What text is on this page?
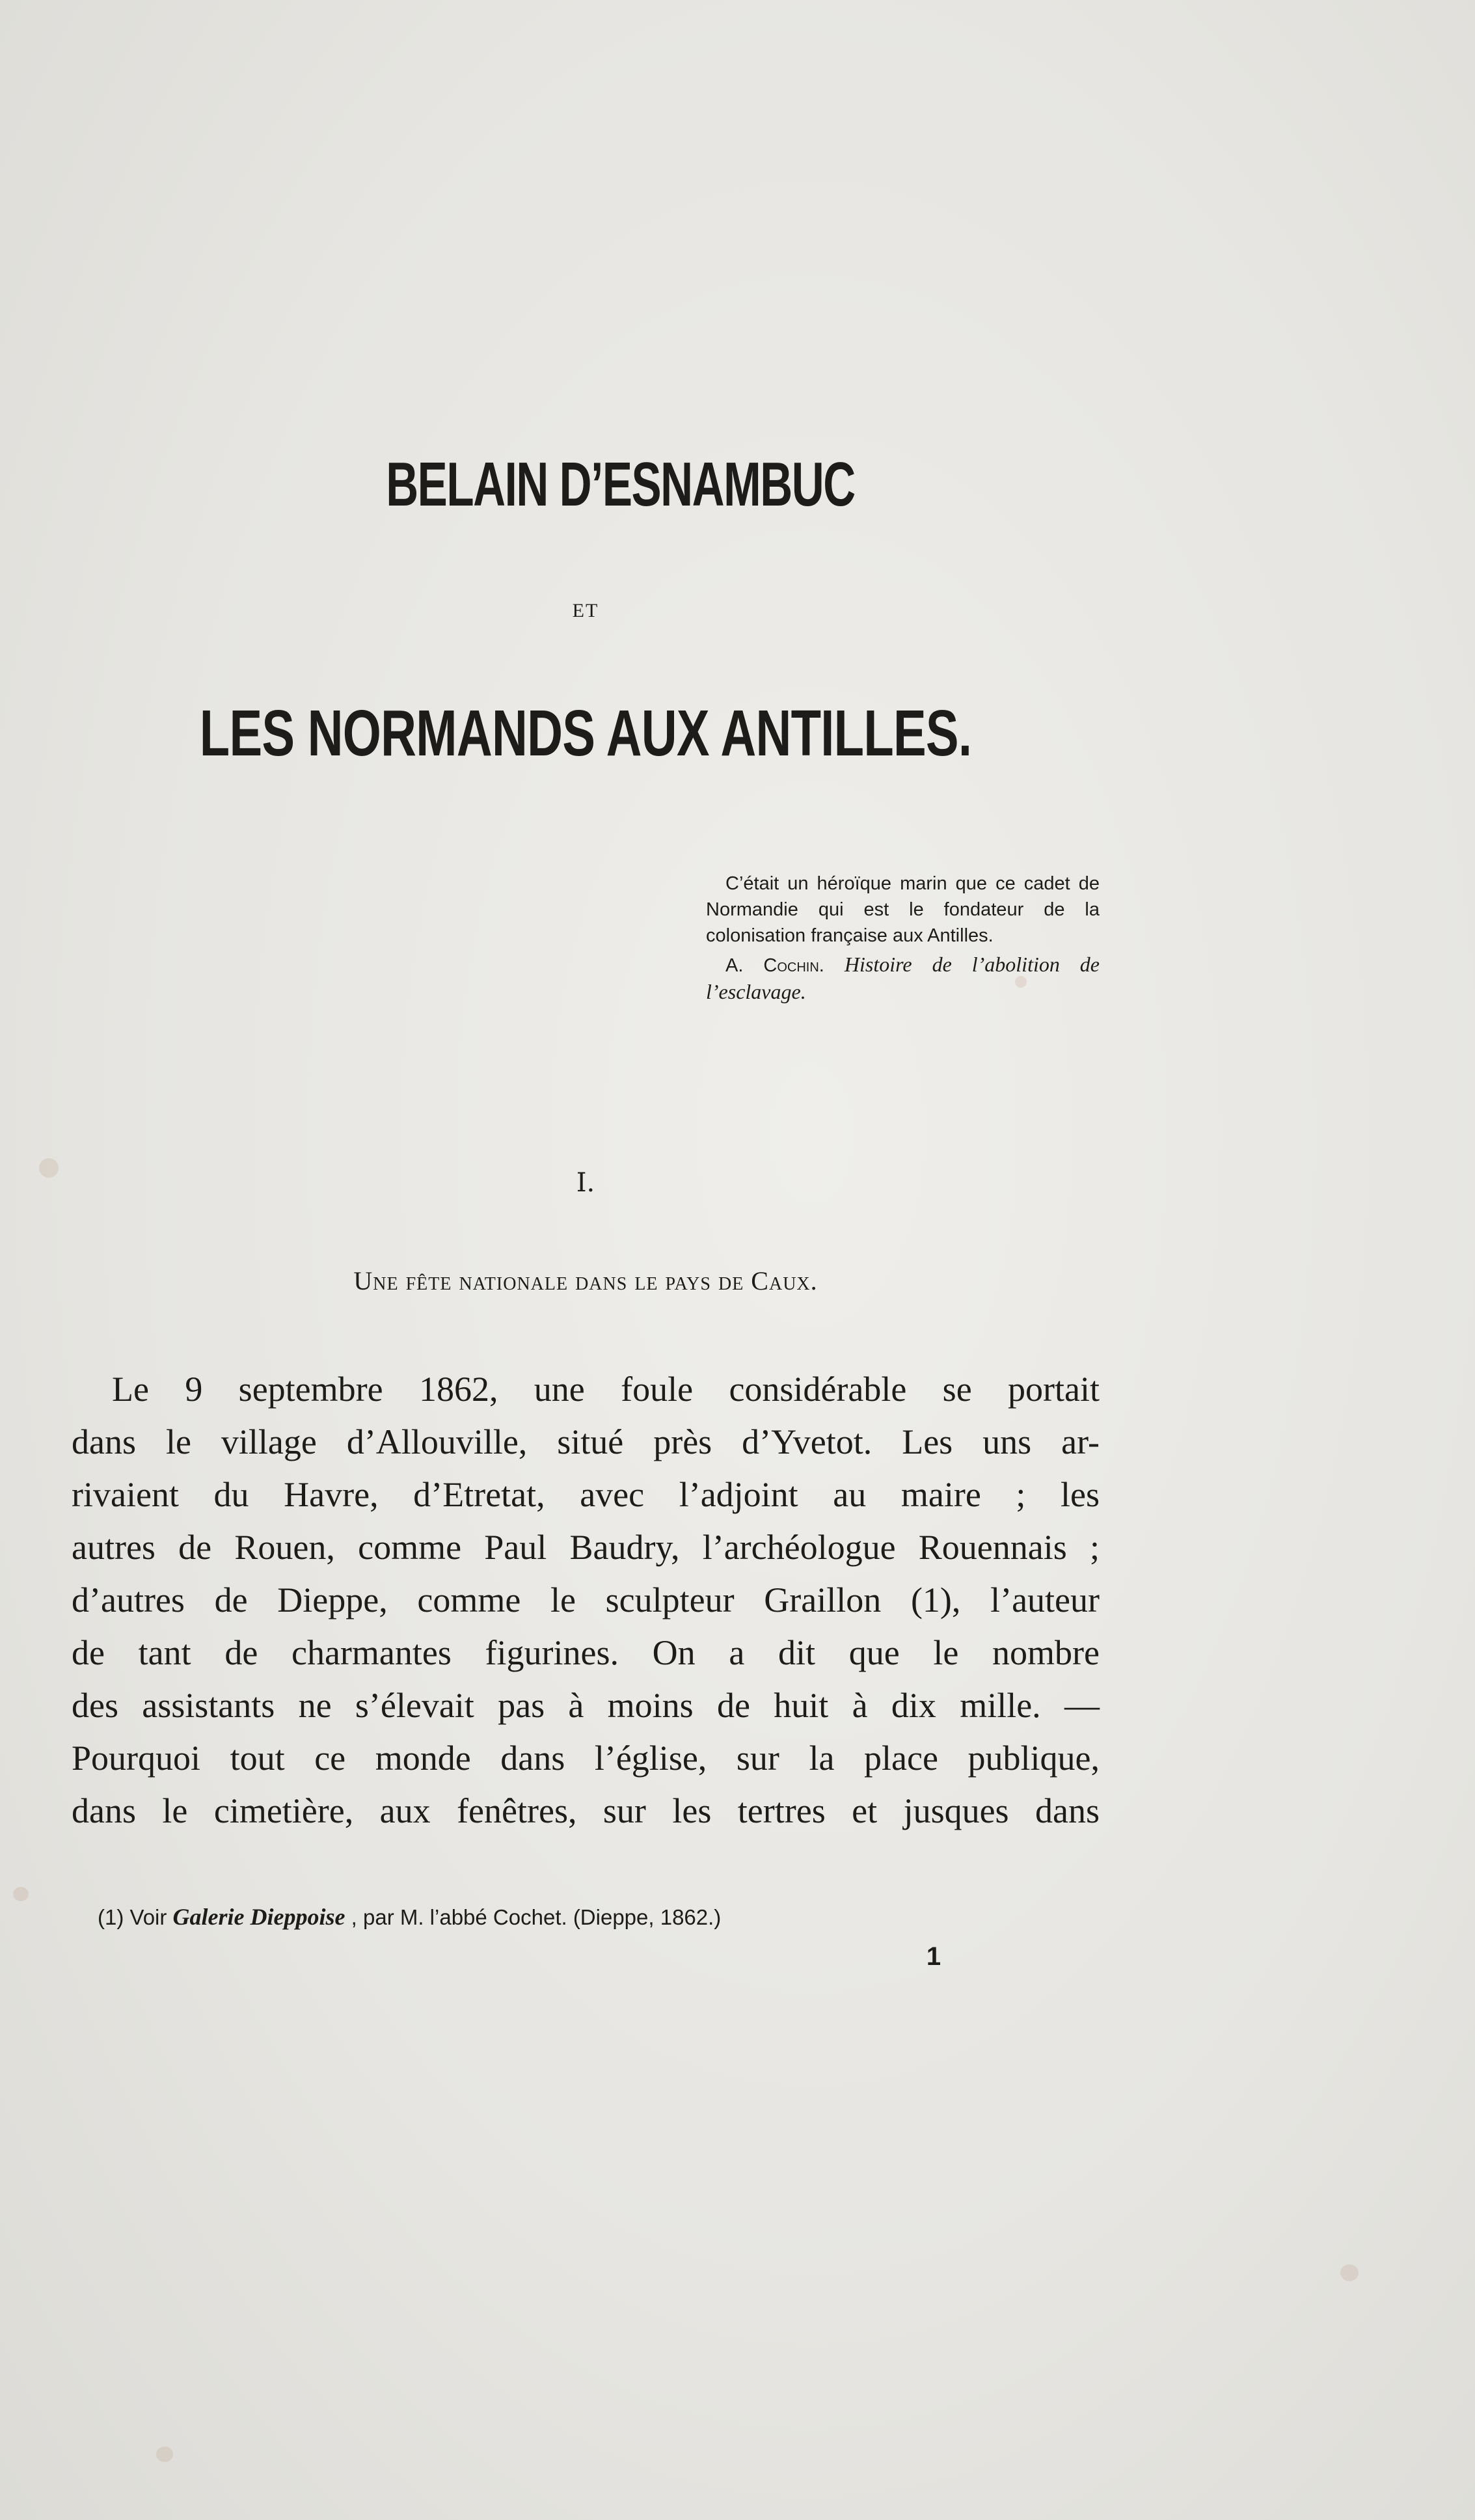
BELAIN D’ESNAMBUC
ET
LES NORMANDS AUX ANTILLES.
C’était un héroïque marin que ce cadet de Normandie qui est le fondateur de la colonisation française aux Antilles.
A. Cochin. Histoire de l’abolition de l’esclavage.
I.
Une fête nationale dans le pays de Caux.
Le 9 septembre 1862, une foule considérable se portait
dans le village d’Allouville, situé près d’Yvetot. Les uns ar-
rivaient du Havre, d’Etretat, avec l’adjoint au maire ; les
autres de Rouen, comme Paul Baudry, l’archéologue Rouennais ;
d’autres de Dieppe, comme le sculpteur Graillon (1), l’auteur
de tant de charmantes figurines. On a dit que le nombre
des assistants ne s’élevait pas à moins de huit à dix mille. —
Pourquoi tout ce monde dans l’église, sur la place publique,
dans le cimetière, aux fenêtres, sur les tertres et jusques dans
(1) Voir Galerie Dieppoise , par M. l’abbé Cochet. (Dieppe, 1862.)
1
